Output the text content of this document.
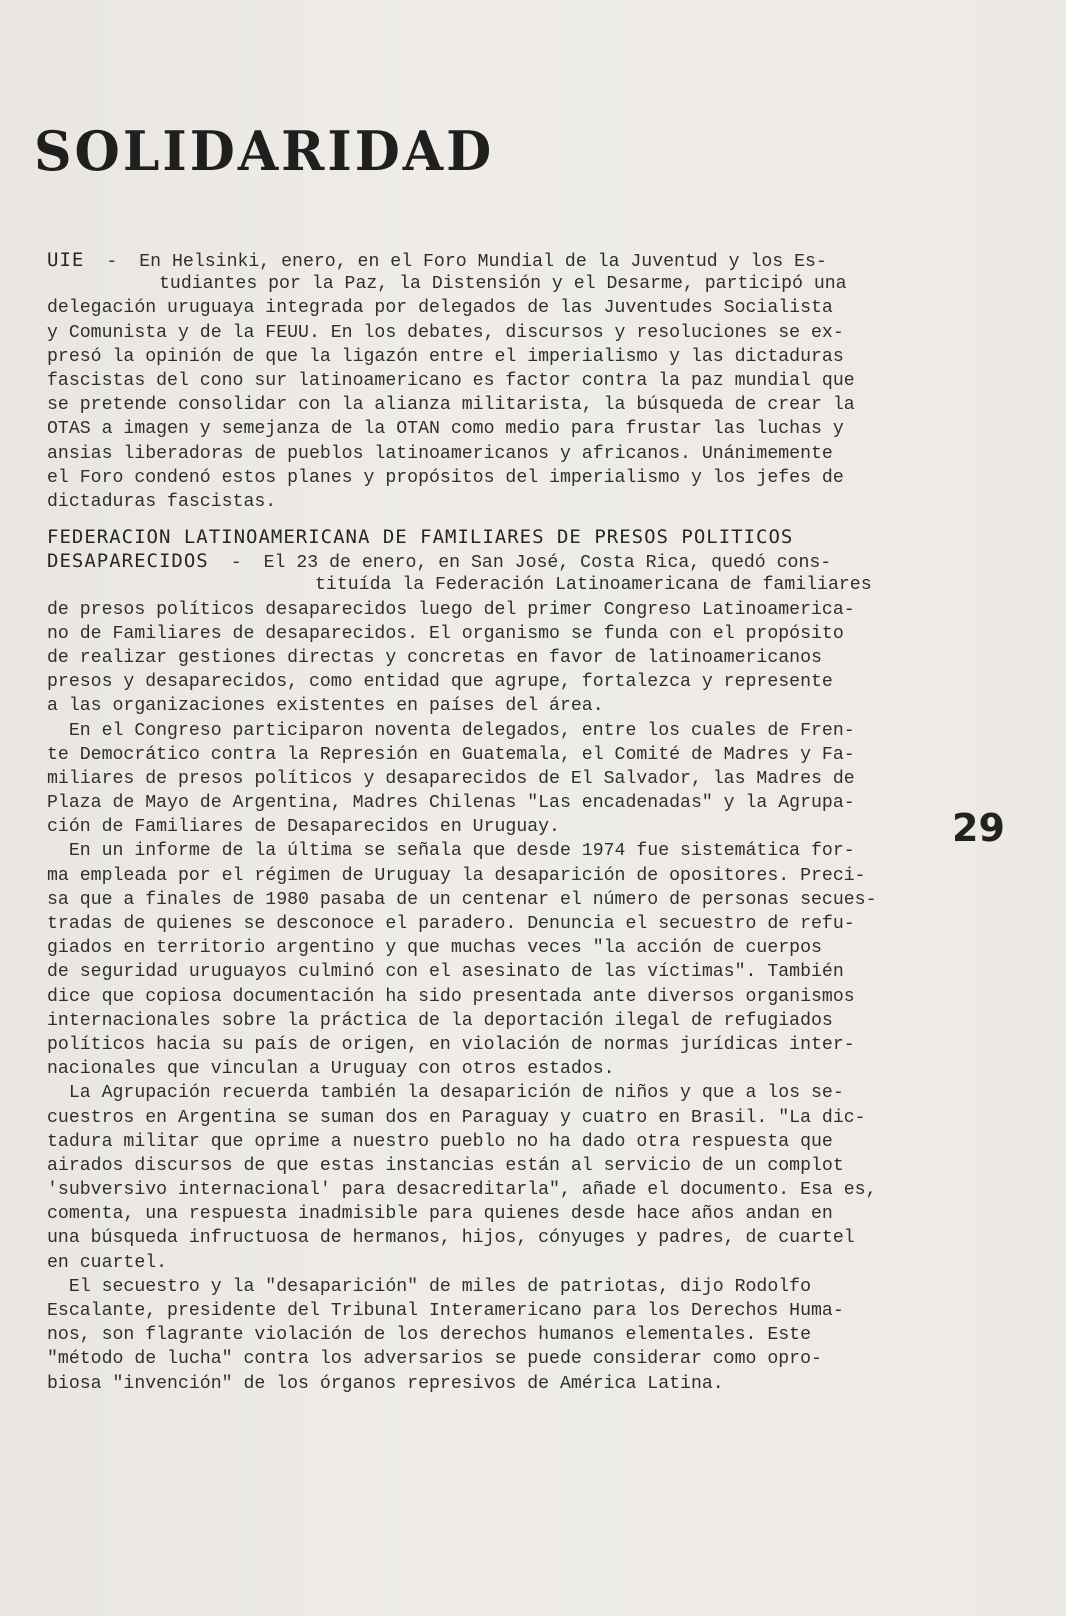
SOLIDARIDAD
UIE - En Helsinki, enero, en el Foro Mundial de la Juventud y los Es-
tudiantes por la Paz, la Distensión y el Desarme, participó una
delegación uruguaya integrada por delegados de las Juventudes Socialista
y Comunista y de la FEUU. En los debates, discursos y resoluciones se ex-
presó la opinión de que la ligazón entre el imperialismo y las dictaduras
fascistas del cono sur latinoamericano es factor contra la paz mundial que
se pretende consolidar con la alianza militarista, la búsqueda de crear la
OTAS a imagen y semejanza de la OTAN como medio para frustar las luchas y
ansias liberadoras de pueblos latinoamericanos y africanos. Unánimemente
el Foro condenó estos planes y propósitos del imperialismo y los jefes de
dictaduras fascistas.
FEDERACION LATINOAMERICANA DE FAMILIARES DE PRESOS POLITICOS
DESAPARECIDOS - El 23 de enero, en San José, Costa Rica, quedó cons-
tituída la Federación Latinoamericana de familiares
de presos políticos desaparecidos luego del primer Congreso Latinoamerica-
no de Familiares de desaparecidos. El organismo se funda con el propósito
de realizar gestiones directas y concretas en favor de latinoamericanos
presos y desaparecidos, como entidad que agrupe, fortalezca y represente
a las organizaciones existentes en países del área.
En el Congreso participaron noventa delegados, entre los cuales de Fren-
te Democrático contra la Represión en Guatemala, el Comité de Madres y Fa-
miliares de presos políticos y desaparecidos de El Salvador, las Madres de
Plaza de Mayo de Argentina, Madres Chilenas "Las encadenadas" y la Agrupa-
ción de Familiares de Desaparecidos en Uruguay.
En un informe de la última se señala que desde 1974 fue sistemática for-
ma empleada por el régimen de Uruguay la desaparición de opositores. Preci-
sa que a finales de 1980 pasaba de un centenar el número de personas secues-
tradas de quienes se desconoce el paradero. Denuncia el secuestro de refu-
giados en territorio argentino y que muchas veces "la acción de cuerpos
de seguridad uruguayos culminó con el asesinato de las víctimas". También
dice que copiosa documentación ha sido presentada ante diversos organismos
internacionales sobre la práctica de la deportación ilegal de refugiados
políticos hacia su país de origen, en violación de normas jurídicas inter-
nacionales que vinculan a Uruguay con otros estados.
La Agrupación recuerda también la desaparición de niños y que a los se-
cuestros en Argentina se suman dos en Paraguay y cuatro en Brasil. "La dic-
tadura militar que oprime a nuestro pueblo no ha dado otra respuesta que
airados discursos de que estas instancias están al servicio de un complot
'subversivo internacional' para desacreditarla", añade el documento. Esa es,
comenta, una respuesta inadmisible para quienes desde hace años andan en
una búsqueda infructuosa de hermanos, hijos, cónyuges y padres, de cuartel
en cuartel.
El secuestro y la "desaparición" de miles de patriotas, dijo Rodolfo
Escalante, presidente del Tribunal Interamericano para los Derechos Huma-
nos, son flagrante violación de los derechos humanos elementales. Este
"método de lucha" contra los adversarios se puede considerar como opro-
biosa "invención" de los órganos represivos de América Latina.
29
